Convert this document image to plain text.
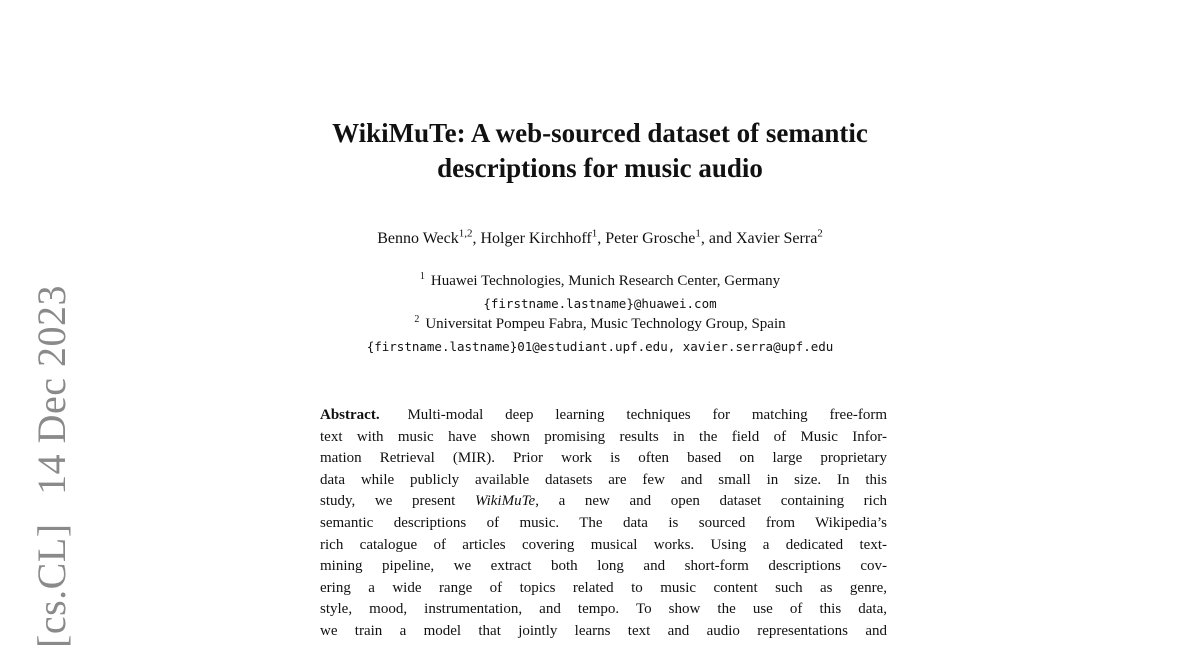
[cs.CL] 14 Dec 2023
WikiMuTe: A web-sourced dataset of semantic
descriptions for music audio
Benno Weck$^{1,2}$, Holger Kirchhoff$^1$, Peter Grosche$^1$, and Xavier Serra$^2$
$^1$ Huawei Technologies, Munich Research Center, Germany
{firstname.lastname}@huawei.com
$^2$ Universitat Pompeu Fabra, Music Technology Group, Spain
{firstname.lastname}01@estudiant.upf.edu, xavier.serra@upf.edu
Abstract. Multi-modal deep learning techniques for matching free-form
text with music have shown promising results in the field of Music Infor-
mation Retrieval (MIR). Prior work is often based on large proprietary
data while publicly available datasets are few and small in size. In this
study, we present WikiMuTe, a new and open dataset containing rich
semantic descriptions of music. The data is sourced from Wikipedia’s
rich catalogue of articles covering musical works. Using a dedicated text-
mining pipeline, we extract both long and short-form descriptions cov-
ering a wide range of topics related to music content such as genre,
style, mood, instrumentation, and tempo. To show the use of this data,
we train a model that jointly learns text and audio representations and
